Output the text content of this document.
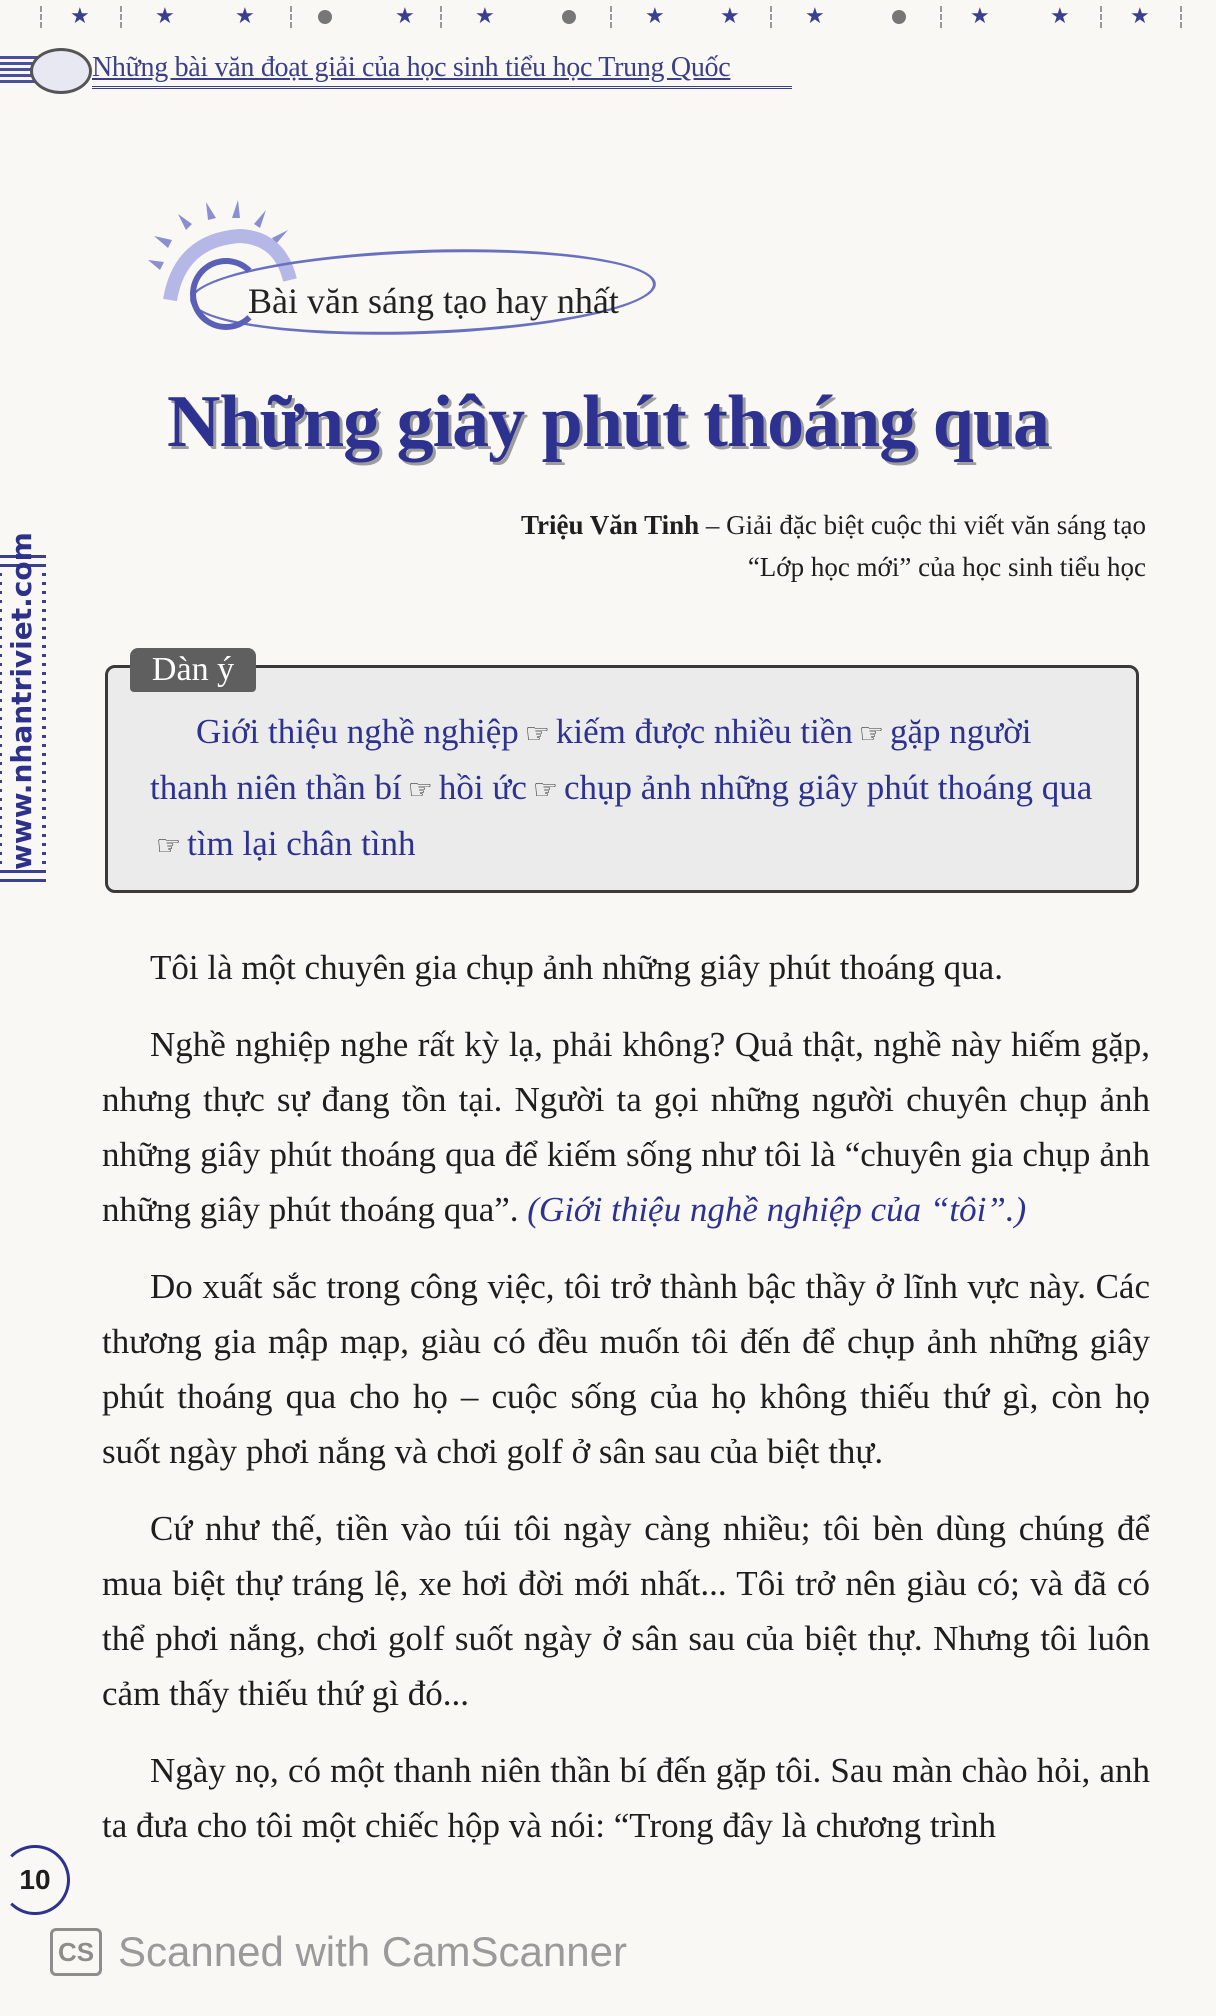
★	★	★	★	★	★	★	★	★	★	★
Những bài văn đoạt giải của học sinh tiểu học Trung Quốc
www.nhantriviet.com
Bài văn sáng tạo hay nhất
Những giây phút thoáng qua
Triệu Văn Tinh – Giải đặc biệt cuộc thi viết văn sáng tạo
“Lớp học mới” của học sinh tiểu học
Dàn ý
Giới thiệu nghề nghiệp ☞ kiếm được nhiều tiền ☞ gặp người thanh niên thần bí ☞ hồi ức ☞ chụp ảnh những giây phút thoáng qua☞ tìm lại chân tình

Tôi là một chuyên gia chụp ảnh những giây phút thoáng qua.

Nghề nghiệp nghe rất kỳ lạ, phải không? Quả thật, nghề này hiếm gặp, nhưng thực sự đang tồn tại. Người ta gọi những người chuyên chụp ảnh những giây phút thoáng qua để kiếm sống như tôi là “chuyên gia chụp ảnh những giây phút thoáng qua”. (Giới thiệu nghề nghiệp của “tôi”.)

Do xuất sắc trong công việc, tôi trở thành bậc thầy ở lĩnh vực này. Các thương gia mập mạp, giàu có đều muốn tôi đến để chụp ảnh những giây phút thoáng qua cho họ – cuộc sống của họ không thiếu thứ gì, còn họ suốt ngày phơi nắng và chơi golf ở sân sau của biệt thự.

Cứ như thế, tiền vào túi tôi ngày càng nhiều; tôi bèn dùng chúng để mua biệt thự tráng lệ, xe hơi đời mới nhất... Tôi trở nên giàu có; và đã có thể phơi nắng, chơi golf suốt ngày ở sân sau của biệt thự. Nhưng tôi luôn cảm thấy thiếu thứ gì đó...

Ngày nọ, có một thanh niên thần bí đến gặp tôi. Sau màn chào hỏi, anh ta đưa cho tôi một chiếc hộp và nói: “Trong đây là chương trình

10
CS Scanned with CamScanner
